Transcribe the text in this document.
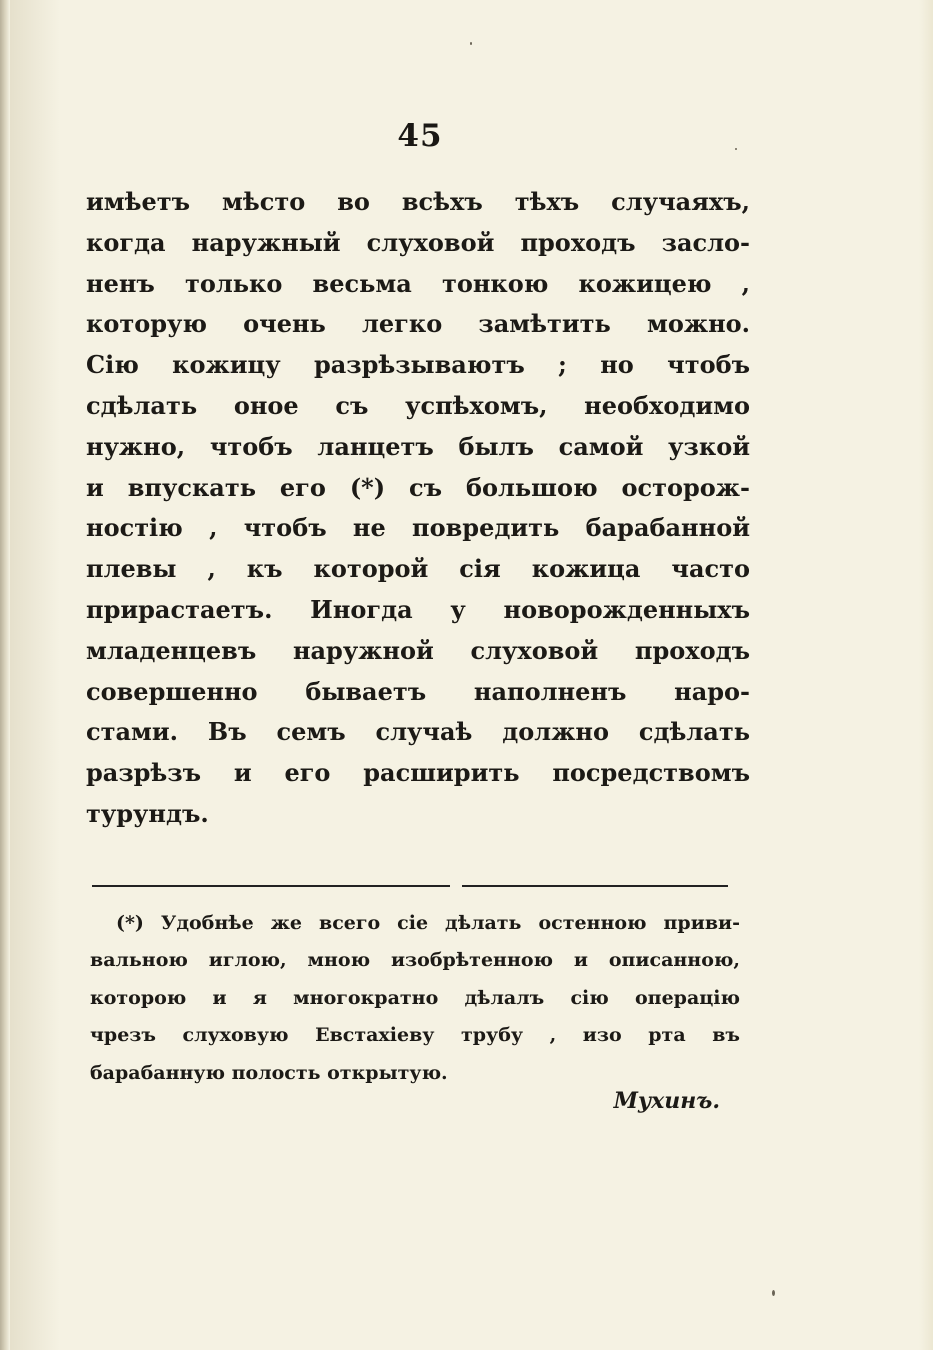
45
имѣетъ мѣсто во всѣхъ тѣхъ случаяхъ,
когда наружный слуховой проходъ засло-
ненъ только весьма тонкою кожицею ,
которую очень легко замѣтить можно.
Сію кожицу разрѣзываютъ ; но чтобъ
сдѣлать оное съ успѣхомъ, необходимо
нужно, чтобъ ланцетъ былъ самой узкой
и впускать его (*) съ большою осторож-
ностію , чтобъ не повредить барабанной
плевы , къ которой сія кожица часто
прирастаетъ. Иногда у новорожденныхъ
младенцевъ наружной слуховой проходъ
совершенно бываетъ наполненъ наро-
стами. Въ семъ случаѣ должно сдѣлать
разрѣзъ и его расширить посредствомъ
турундъ.
(*) Удобнѣе же всего сіе дѣлать остенною приви-
вальною иглою, мною изобрѣтенною и описанною,
которою и я многократно дѣлалъ сію операцію
чрезъ слуховую Евстахіеву трубу , изо рта въ
барабанную полость открытую.
Мухинъ.
